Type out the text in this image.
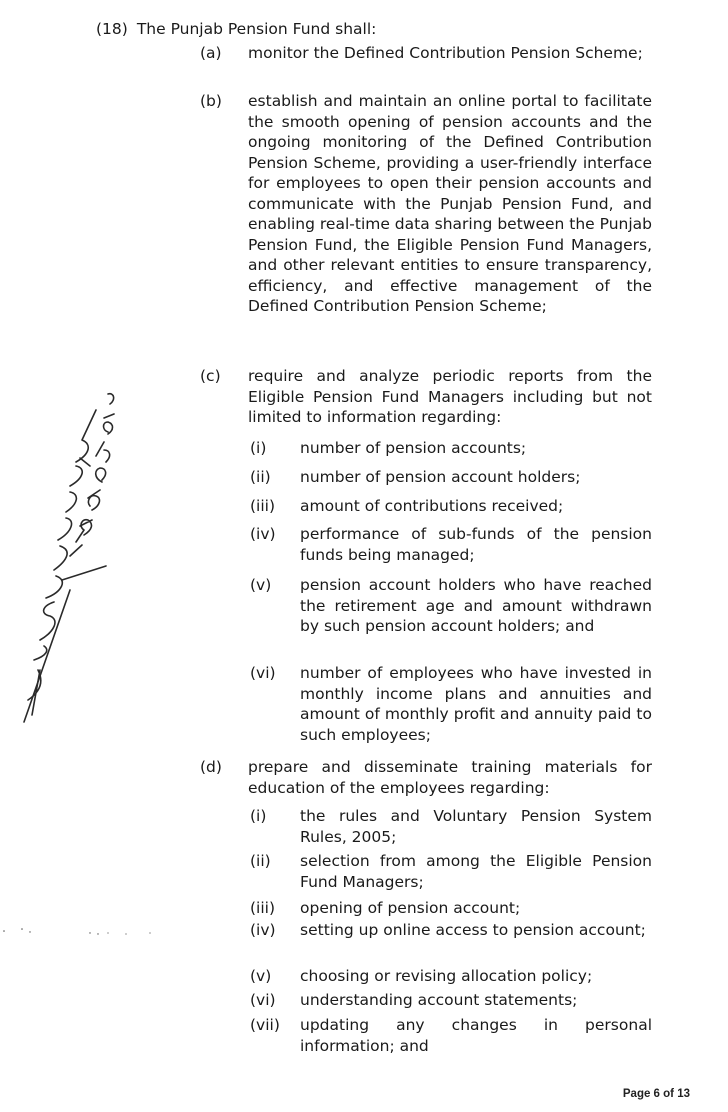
(18) The Punjab Pension Fund shall:
(a) monitor the Defined Contribution Pension Scheme;
(b) establish and maintain an online portal to facilitate the smooth opening of pension accounts and the ongoing monitoring of the Defined Contribution Pension Scheme, providing a user-friendly interface for employees to open their pension accounts and communicate with the Punjab Pension Fund, and enabling real-time data sharing between the Punjab Pension Fund, the Eligible Pension Fund Managers, and other relevant entities to ensure transparency, efficiency, and effective management of the Defined Contribution Pension Scheme;
(c) require and analyze periodic reports from the Eligible Pension Fund Managers including but not limited to information regarding:
(i) number of pension accounts;
(ii) number of pension account holders;
(iii) amount of contributions received;
(iv) performance of sub-funds of the pension funds being managed;
(v) pension account holders who have reached the retirement age and amount withdrawn by such pension account holders; and
(vi) number of employees who have invested in monthly income plans and annuities and amount of monthly profit and annuity paid to such employees;
(d) prepare and disseminate training materials for education of the employees regarding:
(i) the rules and Voluntary Pension System Rules, 2005;
(ii) selection from among the Eligible Pension Fund Managers;
(iii) opening of pension account;
(iv) setting up online access to pension account;
(v) choosing or revising allocation policy;
(vi) understanding account statements;
(vii) updating any changes in personal information; and
Page 6 of 13
